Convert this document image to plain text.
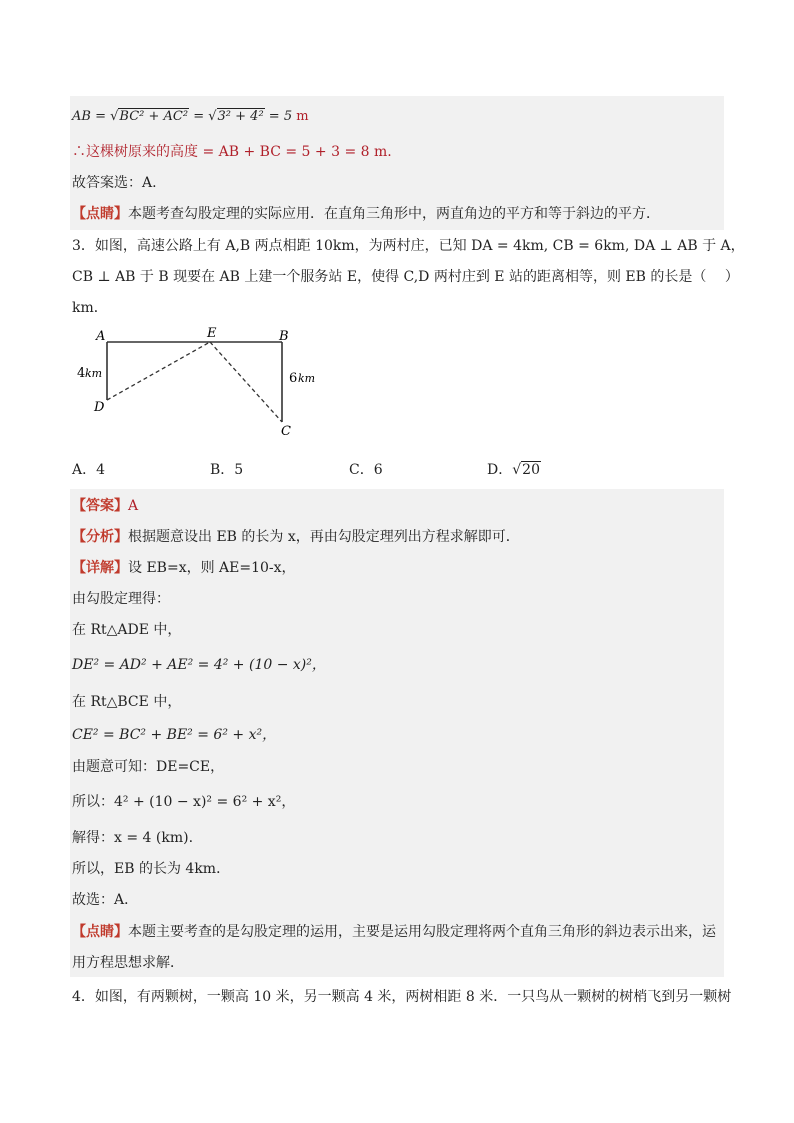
AB = √BC² + AC² = √3² + 4² = 5 m
∴这棵树原来的高度 = AB + BC = 5 + 3 = 8 m.
故答案选：A.
【点睛】本题考查勾股定理的实际应用．在直角三角形中，两直角边的平方和等于斜边的平方．
3．如图，高速公路上有 A,B 两点相距 10km，为两村庄，已知 DA = 4km, CB = 6km, DA ⊥ AB 于 A，
CB ⊥ AB 于 B 现要在 AB 上建一个服务站 E，使得 C,D 两村庄到 E 站的距离相等，则 EB 的长是（　 ）
km．
A	E	B
D
C
4 km	6 km
A．4	B．5	C．6	D．√20
【答案】A
【分析】根据题意设出 EB 的长为 x，再由勾股定理列出方程求解即可．
【详解】设 EB=x，则 AE=10-x，
由勾股定理得：
在 Rt△ADE 中，
DE² = AD² + AE² = 4² + (10 − x)²，
在 Rt△BCE 中，
CE² = BC² + BE² = 6² + x²，
由题意可知：DE=CE，
所以：4² + (10 − x)² = 6² + x²，
解得：x = 4 (km).
所以，EB 的长为 4km．
故选：A．
【点睛】本题主要考查的是勾股定理的运用，主要是运用勾股定理将两个直角三角形的斜边表示出来，运
用方程思想求解．
4．如图，有两颗树，一颗高 10 米，另一颗高 4 米，两树相距 8 米．一只鸟从一颗树的树梢飞到另一颗树
